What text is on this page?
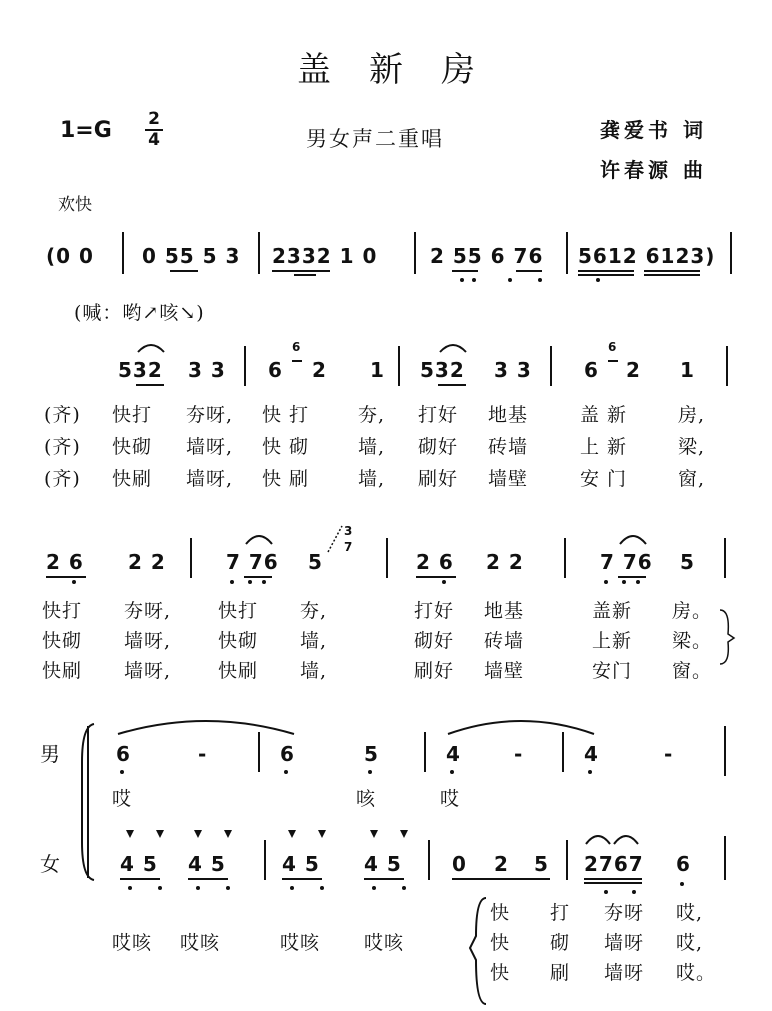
盖新房
1=G 2
4	男女声二重唱	龚爱书 词
许春源 曲
欢快
(0 0 0 55 5 3 2332 1 0	2 55 6 76 5612 6123)
(喊：哟↗咳↘)
532 3 3 6
6
2 1 532 3 3	6
6
2 1
(齐) 快打 夯呀, 快 打	夯, 打好 地基	盖 新	房,
(齐) 快砌 墙呀, 快 砌	墙, 砌好 砖墙	上 新	梁,
(齐) 快刷 墙呀, 快 刷	墙, 刷好 墙壁	安 门	窗,
2 6 2 2	7 76 5
3
7
2 6 2 2	7 76 5
快打 夯呀, 快打 夯,	打好 地基	盖新 房。
快砌 墙呀, 快砌 墙,	砌好 砖墙	上新 梁。
快刷 墙呀, 快刷 墙,	刷好 墙壁	安门 窗。
男
女
6	-	6	5	4	-	4	-
哎	咳	哎
4 5 4 5	4 5 4 5	0 2 5 2767 6
哎咳 哎咳	哎咳 哎咳
快 打 夯呀 哎,
快 砌 墙呀 哎,
快 刷 墙呀 哎。
